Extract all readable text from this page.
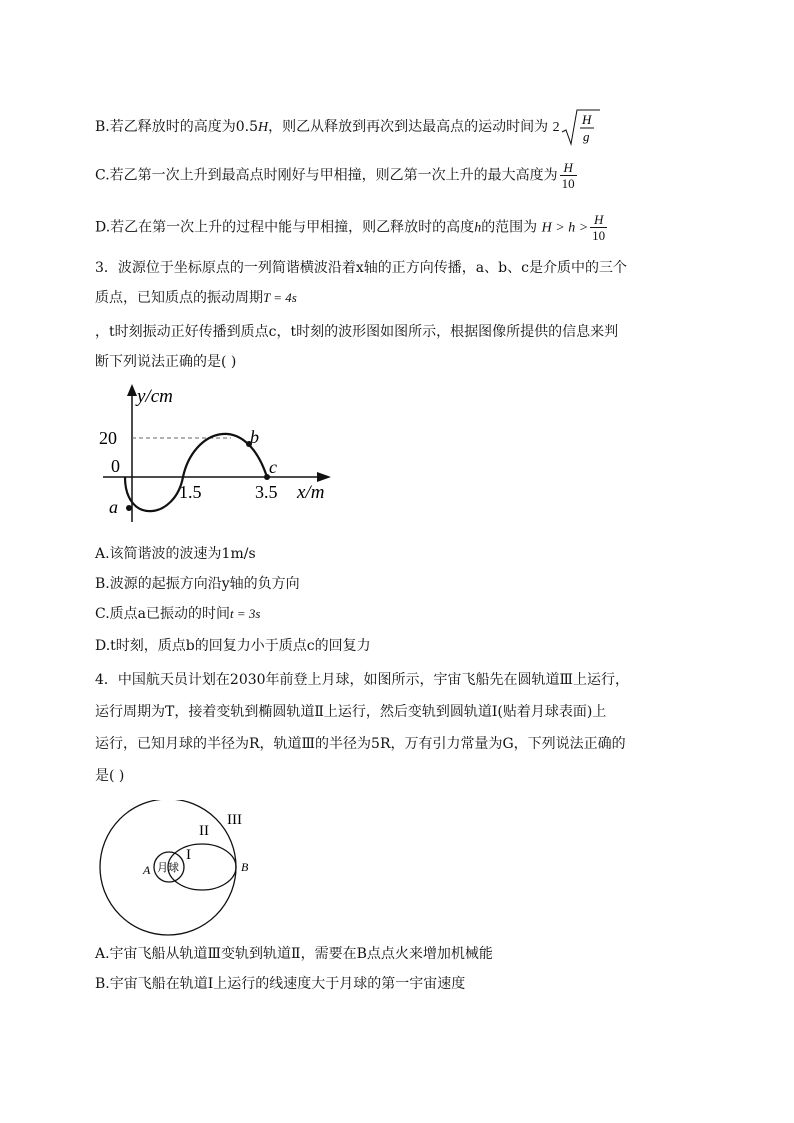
B.若乙释放时的高度为0.5H，则乙从释放到再次到达最高点的运动时间为 2
H
g
C.若乙第一次上升到最高点时刚好与甲相撞，则乙第一次上升的最大高度为 $\frac{H}{10}$
D.若乙在第一次上升的过程中能与甲相撞，则乙释放时的高度h的范围为 $H > h > \frac{H}{10}$
3．波源位于坐标原点的一列简谐横波沿着x轴的正方向传播，a、b、c是介质中的三个
质点，已知质点的振动周期T = 4s
，t时刻振动正好传播到质点c，t时刻的波形图如图所示，根据图像所提供的信息来判
断下列说法正确的是( )
y/cm
20
0
1.5	3.5 x/m
a
b
c
A.该简谐波的波速为1m/s
B.波源的起振方向沿y轴的负方向
C.质点a已振动的时间t = 3s
D.t时刻，质点b的回复力小于质点c的回复力
4．中国航天员计划在2030年前登上月球，如图所示，宇宙飞船先在圆轨道Ⅲ上运行，
运行周期为T，接着变轨到椭圆轨道Ⅱ上运行，然后变轨到圆轨道Ⅰ(贴着月球表面)上
运行，已知月球的半径为R，轨道Ⅲ的半径为5R，万有引力常量为G，下列说法正确的
是( )
III
II
I
月球
A	B
A.宇宙飞船从轨道Ⅲ变轨到轨道Ⅱ，需要在B点点火来增加机械能
B.宇宙飞船在轨道Ⅰ上运行的线速度大于月球的第一宇宙速度
